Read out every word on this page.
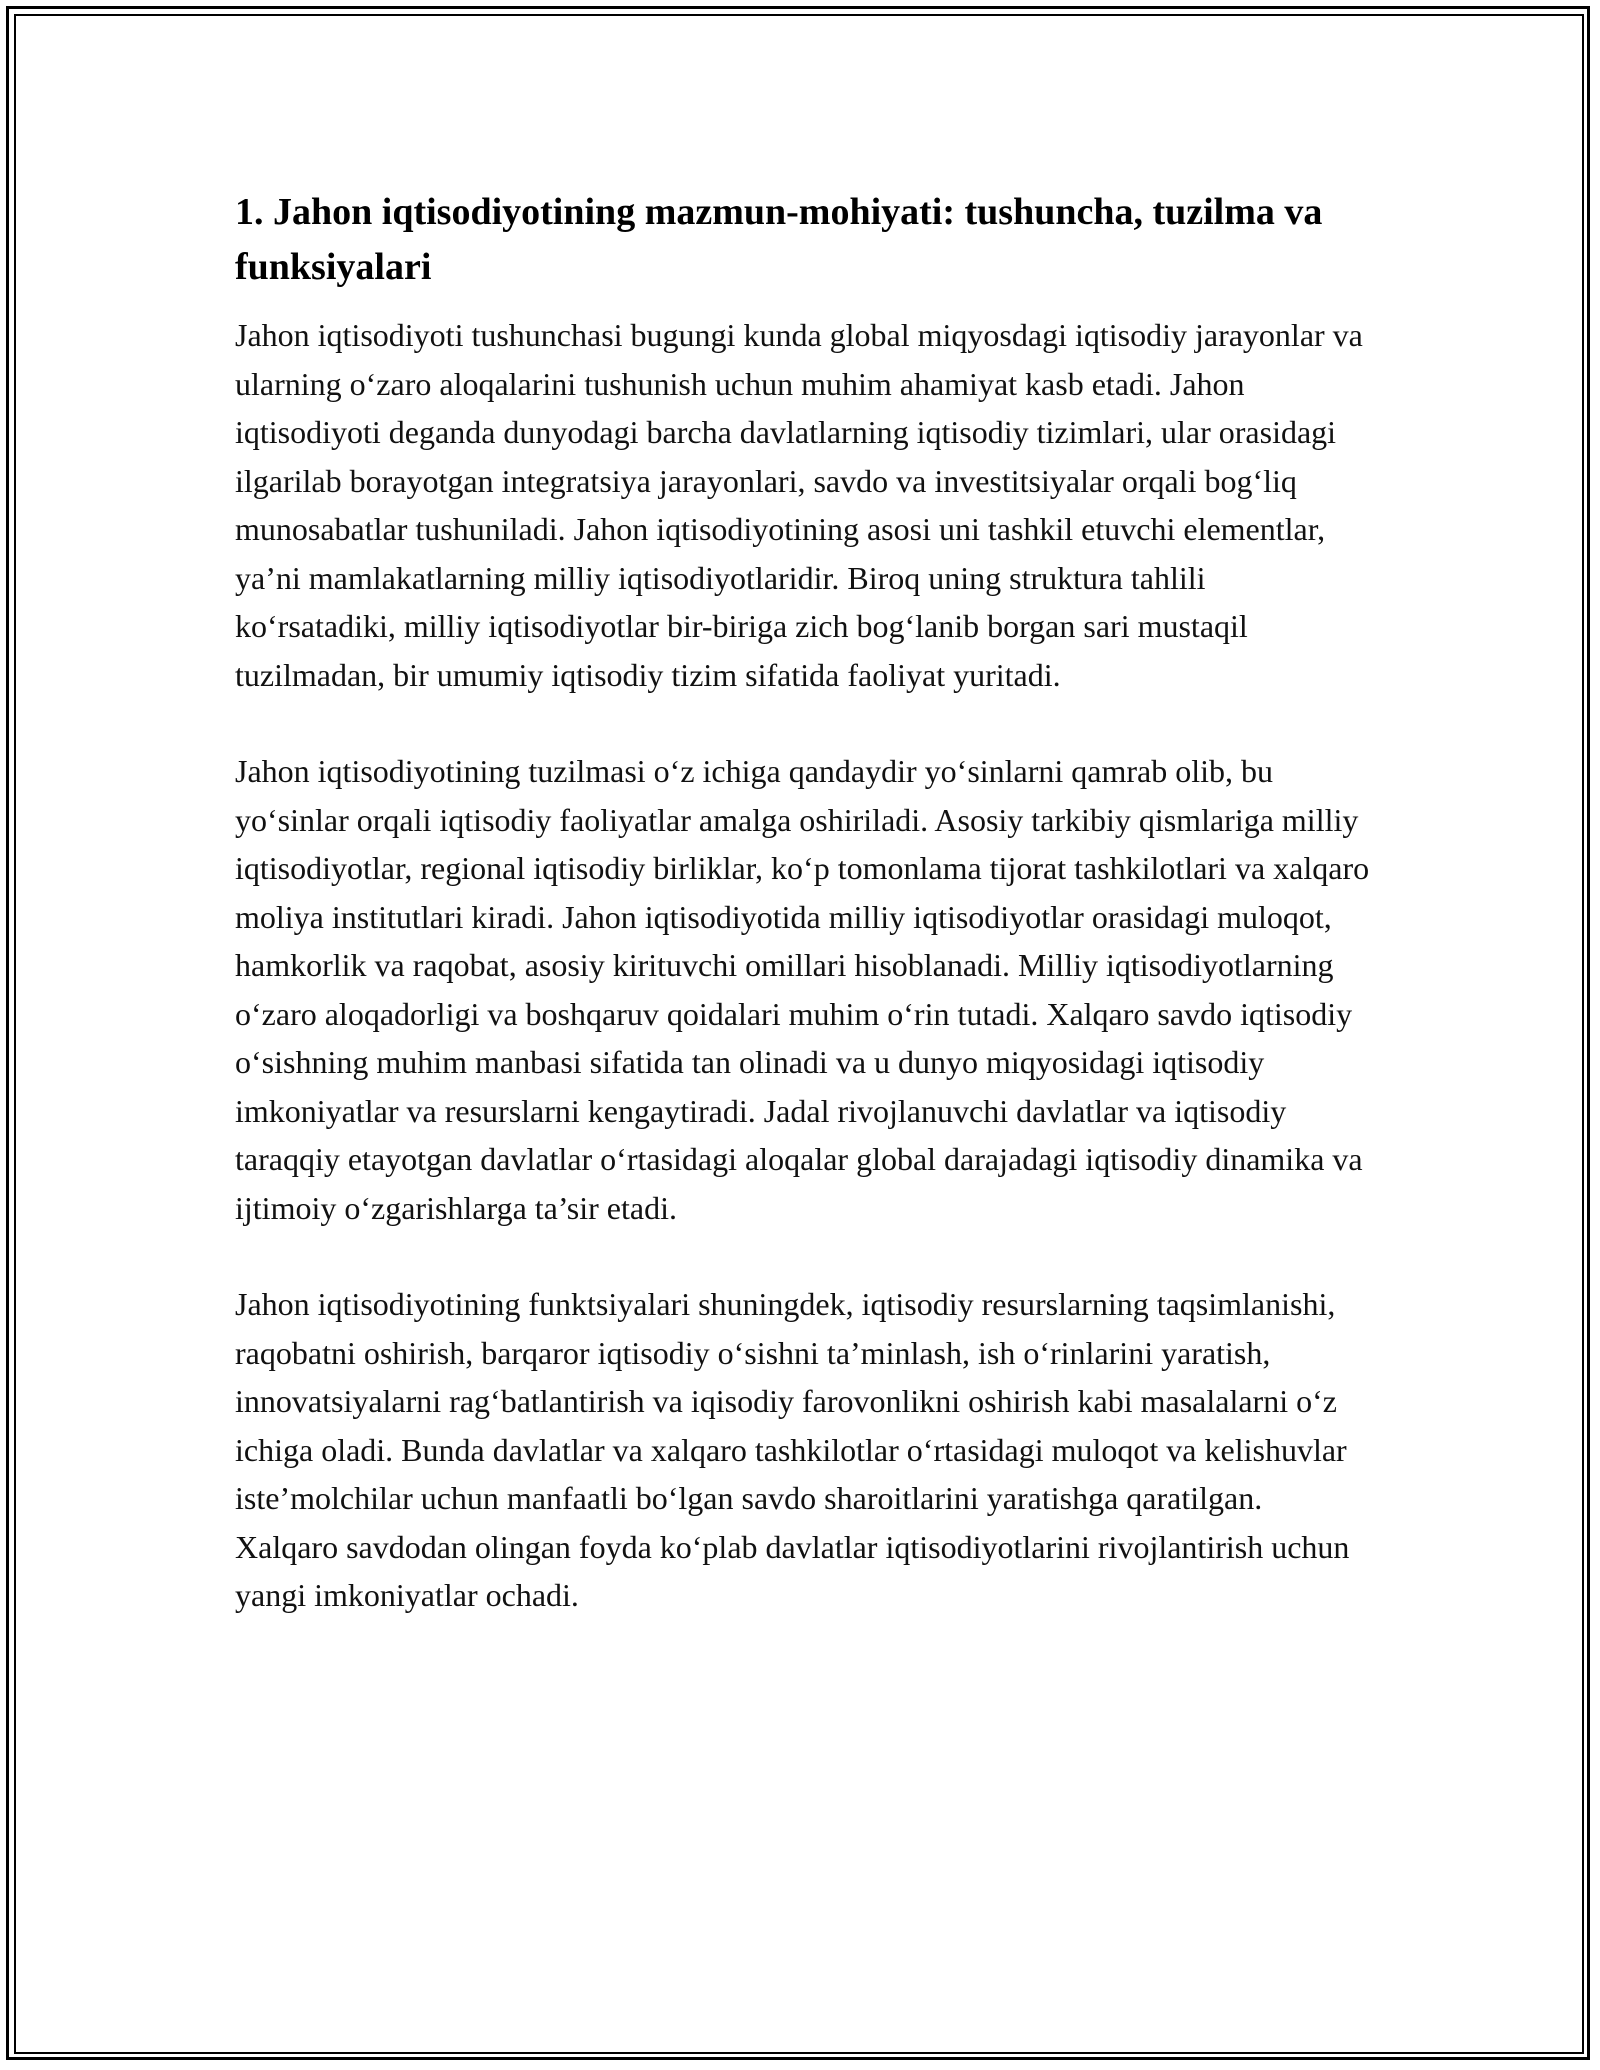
1. Jahon iqtisodiyotining mazmun-mohiyati: tushuncha, tuzilma va funksiyalari

Jahon iqtisodiyoti tushunchasi bugungi kunda global miqyosdagi iqtisodiy jarayonlar va ularning o‘zaro aloqalarini tushunish uchun muhim ahamiyat kasb etadi. Jahon iqtisodiyoti deganda dunyodagi barcha davlatlarning iqtisodiy tizimlari, ular orasidagi ilgarilab borayotgan integratsiya jarayonlari, savdo va investitsiyalar orqali bog‘liq munosabatlar tushuniladi. Jahon iqtisodiyotining asosi uni tashkil etuvchi elementlar, ya’ni mamlakatlarning milliy iqtisodiyotlaridir. Biroq uning struktura tahlili ko‘rsatadiki, milliy iqtisodiyotlar bir-biriga zich bog‘lanib borgan sari mustaqil tuzilmadan, bir umumiy iqtisodiy tizim sifatida faoliyat yuritadi.

Jahon iqtisodiyotining tuzilmasi o‘z ichiga qandaydir yo‘sinlarni qamrab olib, bu yo‘sinlar orqali iqtisodiy faoliyatlar amalga oshiriladi. Asosiy tarkibiy qismlariga milliy iqtisodiyotlar, regional iqtisodiy birliklar, ko‘p tomonlama tijorat tashkilotlari va xalqaro moliya institutlari kiradi. Jahon iqtisodiyotida milliy iqtisodiyotlar orasidagi muloqot, hamkorlik va raqobat, asosiy kirituvchi omillari hisoblanadi. Milliy iqtisodiyotlarning o‘zaro aloqadorligi va boshqaruv qoidalari muhim o‘rin tutadi. Xalqaro savdo iqtisodiy o‘sishning muhim manbasi sifatida tan olinadi va u dunyo miqyosidagi iqtisodiy imkoniyatlar va resurslarni kengaytiradi. Jadal rivojlanuvchi davlatlar va iqtisodiy taraqqiy etayotgan davlatlar o‘rtasidagi aloqalar global darajadagi iqtisodiy dinamika va ijtimoiy o‘zgarishlarga ta’sir etadi.

Jahon iqtisodiyotining funktsiyalari shuningdek, iqtisodiy resurslarning taqsimlanishi, raqobatni oshirish, barqaror iqtisodiy o‘sishni ta’minlash, ish o‘rinlarini yaratish, innovatsiyalarni rag‘batlantirish va iqisodiy farovonlikni oshirish kabi masalalarni o‘z ichiga oladi. Bunda davlatlar va xalqaro tashkilotlar o‘rtasidagi muloqot va kelishuvlar iste’molchilar uchun manfaatli bo‘lgan savdo sharoitlarini yaratishga qaratilgan. Xalqaro savdodan olingan foyda ko‘plab davlatlar iqtisodiyotlarini rivojlantirish uchun yangi imkoniyatlar ochadi.
